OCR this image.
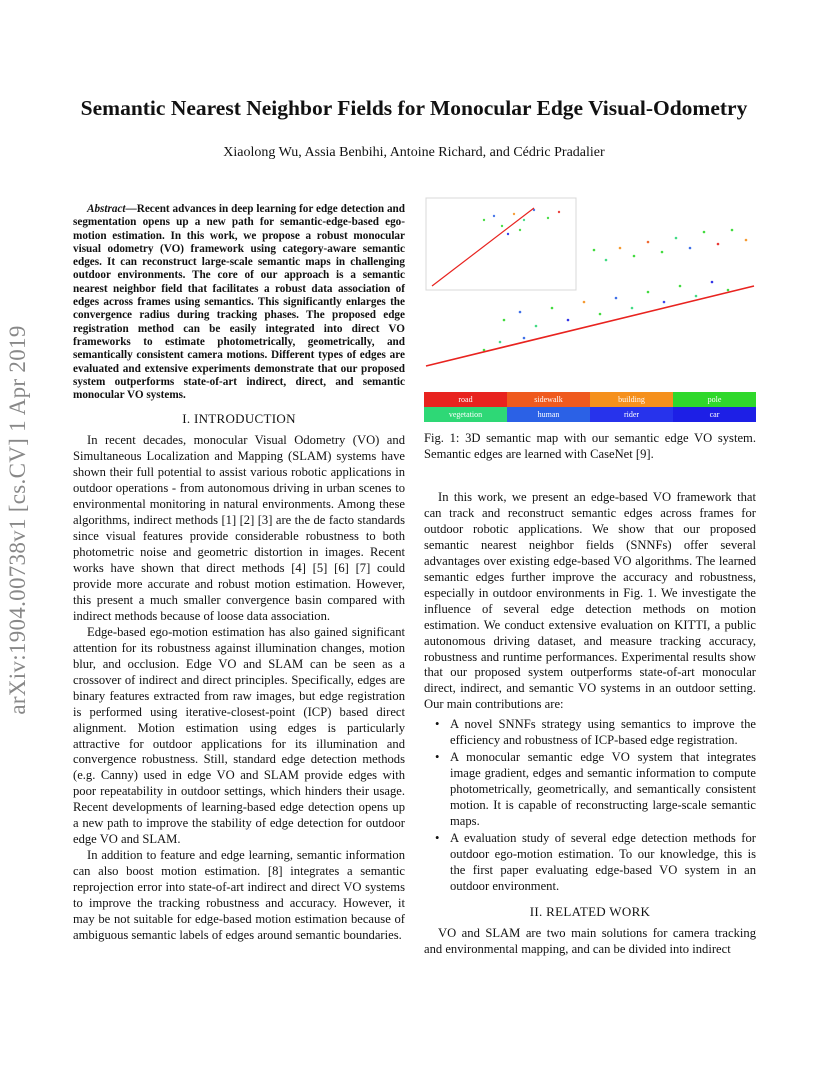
arXiv:1904.00738v1 [cs.CV] 1 Apr 2019
Semantic Nearest Neighbor Fields for Monocular Edge Visual-Odometry
Xiaolong Wu, Assia Benbihi, Antoine Richard, and Cédric Pradalier
Abstract—Recent advances in deep learning for edge detection and segmentation opens up a new path for semantic-edge-based ego-motion estimation. In this work, we propose a robust monocular visual odometry (VO) framework using category-aware semantic edges. It can reconstruct large-scale semantic maps in challenging outdoor environments. The core of our approach is a semantic nearest neighbor field that facilitates a robust data association of edges across frames using semantics. This significantly enlarges the convergence radius during tracking phases. The proposed edge registration method can be easily integrated into direct VO frameworks to estimate photometrically, geometrically, and semantically consistent camera motions. Different types of edges are evaluated and extensive experiments demonstrate that our proposed system outperforms state-of-art indirect, direct, and semantic monocular VO systems.
I. INTRODUCTION

In recent decades, monocular Visual Odometry (VO) and Simultaneous Localization and Mapping (SLAM) systems have shown their full potential to assist various robotic applications in outdoor operations - from autonomous driving in urban scenes to environmental monitoring in natural environments. Among these algorithms, indirect methods [1] [2] [3] are the de facto standards since visual features provide considerable robustness to both photometric noise and geometric distortion in images. Recent works have shown that direct methods [4] [5] [6] [7] could provide more accurate and robust motion estimation. However, this present a much smaller convergence basin compared with indirect methods because of loose data association.

Edge-based ego-motion estimation has also gained significant attention for its robustness against illumination changes, motion blur, and occlusion. Edge VO and SLAM can be seen as a crossover of indirect and direct principles. Specifically, edges are binary features extracted from raw images, but edge registration is performed using iterative-closest-point (ICP) based direct alignment. Motion estimation using edges is particularly attractive for outdoor applications for its illumination and convergence robustness. Still, standard edge detection methods (e.g. Canny) used in edge VO and SLAM provide edges with poor repeatability in outdoor settings, which hinders their usage. Recent developments of learning-based edge detection opens up a new path to improve the stability of edge detection for outdoor edge VO and SLAM.

In addition to feature and edge learning, semantic information can also boost motion estimation. [8] integrates a semantic reprojection error into state-of-art indirect and direct VO systems to improve the tracking robustness and accuracy. However, it may be not suitable for edge-based motion estimation because of ambiguous semantic labels of edges around semantic boundaries.

road	sidewalk	building	pole
vegetation	human	rider	car
Fig. 1: 3D semantic map with our semantic edge VO system. Semantic edges are learned with CaseNet [9].

In this work, we present an edge-based VO framework that can track and reconstruct semantic edges across frames for outdoor robotic applications. We show that our proposed semantic nearest neighbor fields (SNNFs) offer several advantages over existing edge-based VO algorithms. The learned semantic edges further improve the accuracy and robustness, especially in outdoor environments in Fig. 1. We investigate the influence of several edge detection methods on motion estimation. We conduct extensive evaluation on KITTI, a public autonomous driving dataset, and measure tracking accuracy, robustness and runtime performances. Experimental results show that our proposed system outperforms state-of-art monocular direct, indirect, and semantic VO systems in an outdoor setting. Our main contributions are:

• A novel SNNFs strategy using semantics to improve the efficiency and robustness of ICP-based edge registration.
• A monocular semantic edge VO system that integrates image gradient, edges and semantic information to compute photometrically, geometrically, and semantically consistent motion. It is capable of reconstructing large-scale semantic maps.
• A evaluation study of several edge detection methods for outdoor ego-motion estimation. To our knowledge, this is the first paper evaluating edge-based VO system in an outdoor environment.
II. RELATED WORK

VO and SLAM are two main solutions for camera tracking and environmental mapping, and can be divided into indirect
